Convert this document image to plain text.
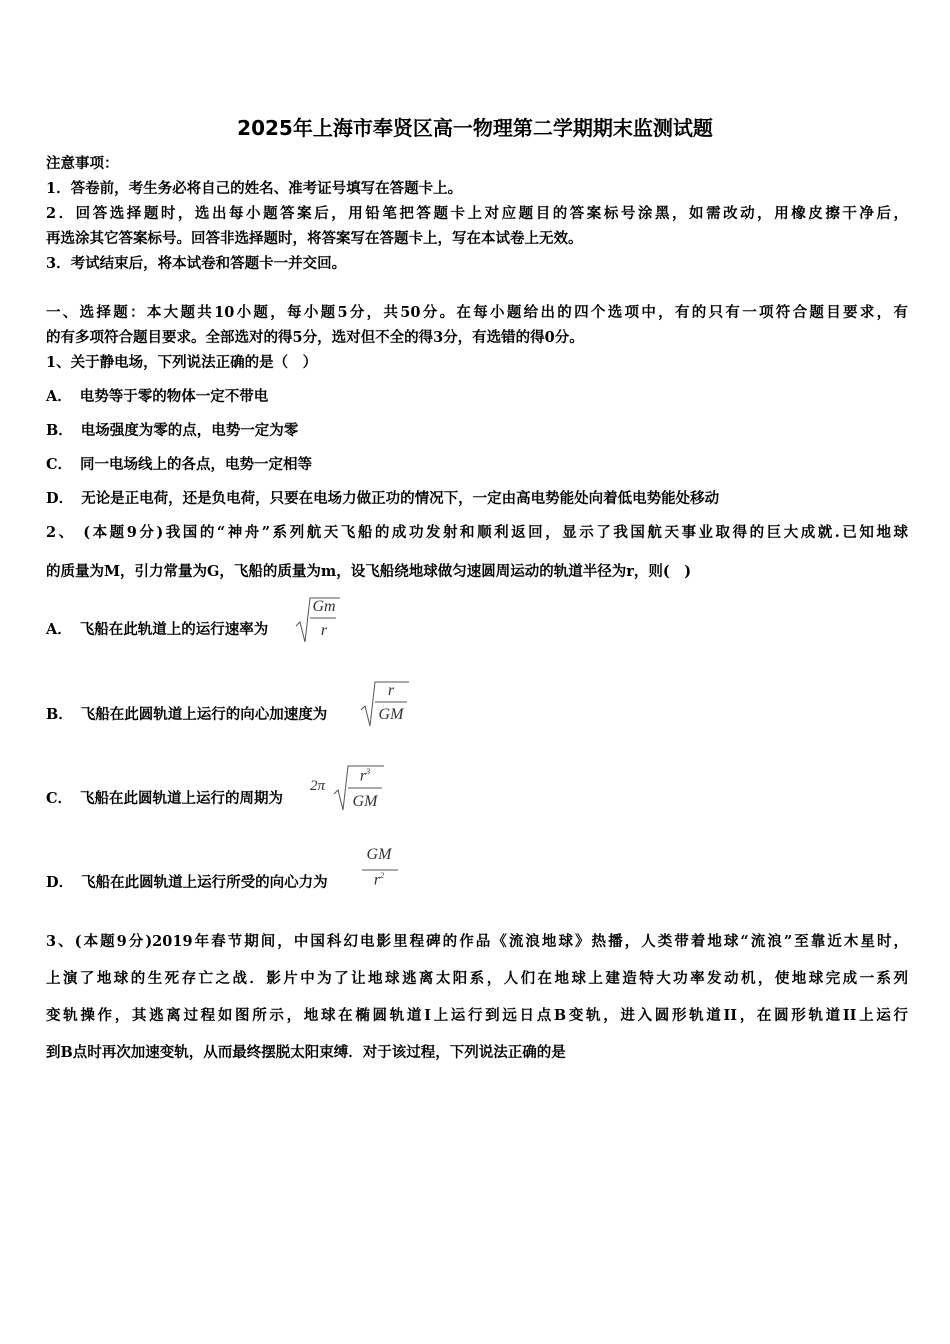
2025年上海市奉贤区高一物理第二学期期末监测试题
注意事项：
1．答卷前，考生务必将自己的姓名、准考证号填写在答题卡上。
2．回答选择题时，选出每小题答案后，用铅笔把答题卡上对应题目的答案标号涂黑，如需改动，用橡皮擦干净后，
再选涂其它答案标号。回答非选择题时，将答案写在答题卡上，写在本试卷上无效。
3．考试结束后，将本试卷和答题卡一并交回。
一、选择题：本大题共10小题，每小题5分，共50分。在每小题给出的四个选项中，有的只有一项符合题目要求，有
的有多项符合题目要求。全部选对的得5分，选对但不全的得3分，有选错的得0分。
1、关于静电场，下列说法正确的是（　）
A． 电势等于零的物体一定不带电
B． 电场强度为零的点，电势一定为零
C． 同一电场线上的各点，电势一定相等
D． 无论是正电荷，还是负电荷，只要在电场力做正功的情况下，一定由高电势能处向着低电势能处移动
2、 (本题9分)我国的“神舟”系列航天飞船的成功发射和顺利返回，显示了我国航天事业取得的巨大成就.已知地球
的质量为M，引力常量为G，飞船的质量为m，设飞船绕地球做匀速圆周运动的轨道半径为r，则(　)
A． 飞船在此轨道上的运行速率为
Gm
r
B． 飞船在此圆轨道上运行的向心加速度为
r
GM
C． 飞船在此圆轨道上运行的周期为
2π
$r^3$
GM
D． 飞船在此圆轨道上运行所受的向心力为
GM
$r^2$
3、(本题9分)2019年春节期间，中国科幻电影里程碑的作品《流浪地球》热播，人类带着地球“流浪”至靠近木星时，
上演了地球的生死存亡之战．影片中为了让地球逃离太阳系，人们在地球上建造特大功率发动机，使地球完成一系列
变轨操作，其逃离过程如图所示，地球在椭圆轨道I上运行到远日点B变轨，进入圆形轨道II，在圆形轨道II上运行
到B点时再次加速变轨，从而最终摆脱太阳束缚．对于该过程，下列说法正确的是
